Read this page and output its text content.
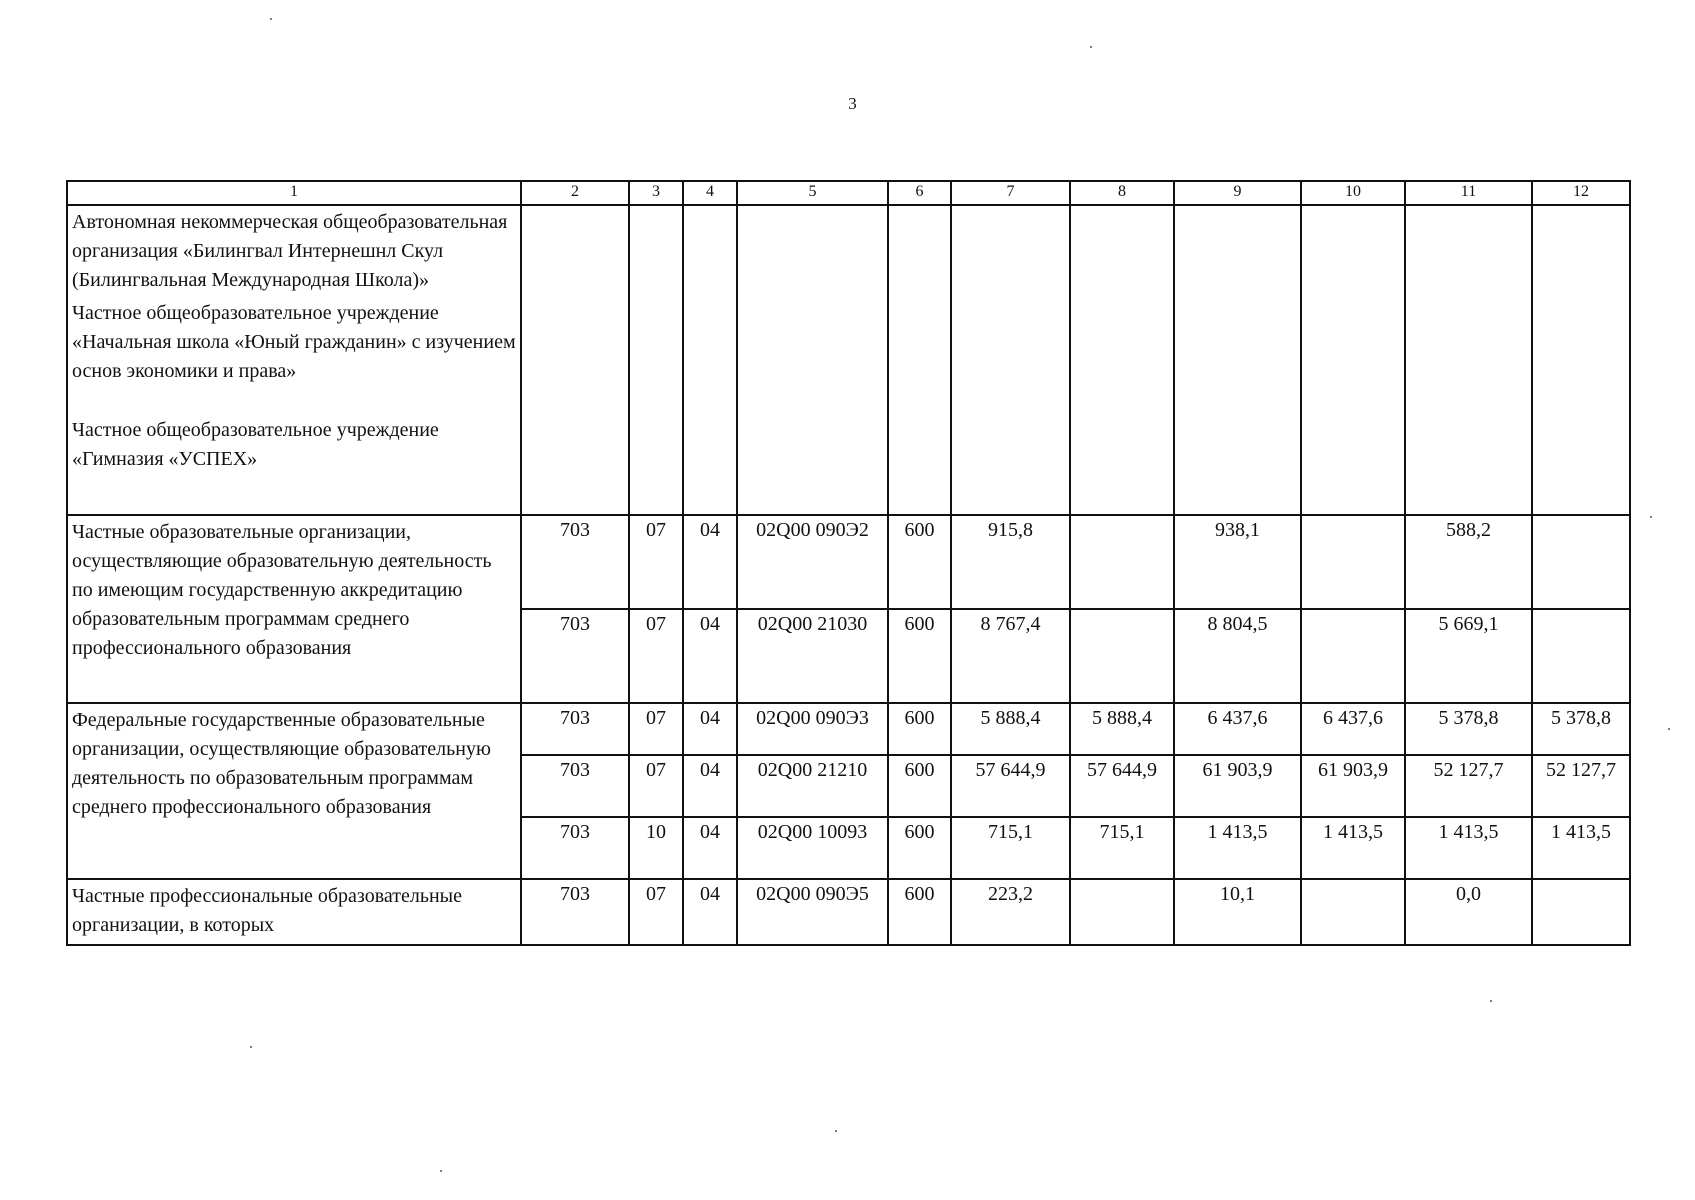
3
1	2	3	4	5	6	7	8	9	10	11	12

Автономная некоммерческая общеобразовательная организация «Билингвал Интернешнл Скул (Билингвальная Международная Школа)»
Частное общеобразовательное учреждение «Начальная школа «Юный гражданин» с изучением основ экономики и права»
Частное общеобразовательное учреждение «Гимназия «УСПЕХ»											

Частные образовательные организации, осуществляющие образовательную деятельность по имеющим государственную аккредитацию образовательным программам среднего профессионального образования	703	07	04	02Q00 090Э2	600	915,8		938,1		588,2	
	703	07	04	02Q00 21030	600	8 767,4		8 804,5		5 669,1	
Федеральные государственные образовательные организации, осуществляющие образовательную деятельность по образовательным программам среднего профессионального образования	703	07	04	02Q00 090Э3	600	5 888,4	5 888,4	6 437,6	6 437,6	5 378,8	5 378,8
	703	07	04	02Q00 21210	600	57 644,9	57 644,9	61 903,9	61 903,9	52 127,7	52 127,7
	703	10	04	02Q00 10093	600	715,1	715,1	1 413,5	1 413,5	1 413,5	1 413,5
Частные профессиональные образовательные организации, в которых	703	07	04	02Q00 090Э5	600	223,2		10,1		0,0	
